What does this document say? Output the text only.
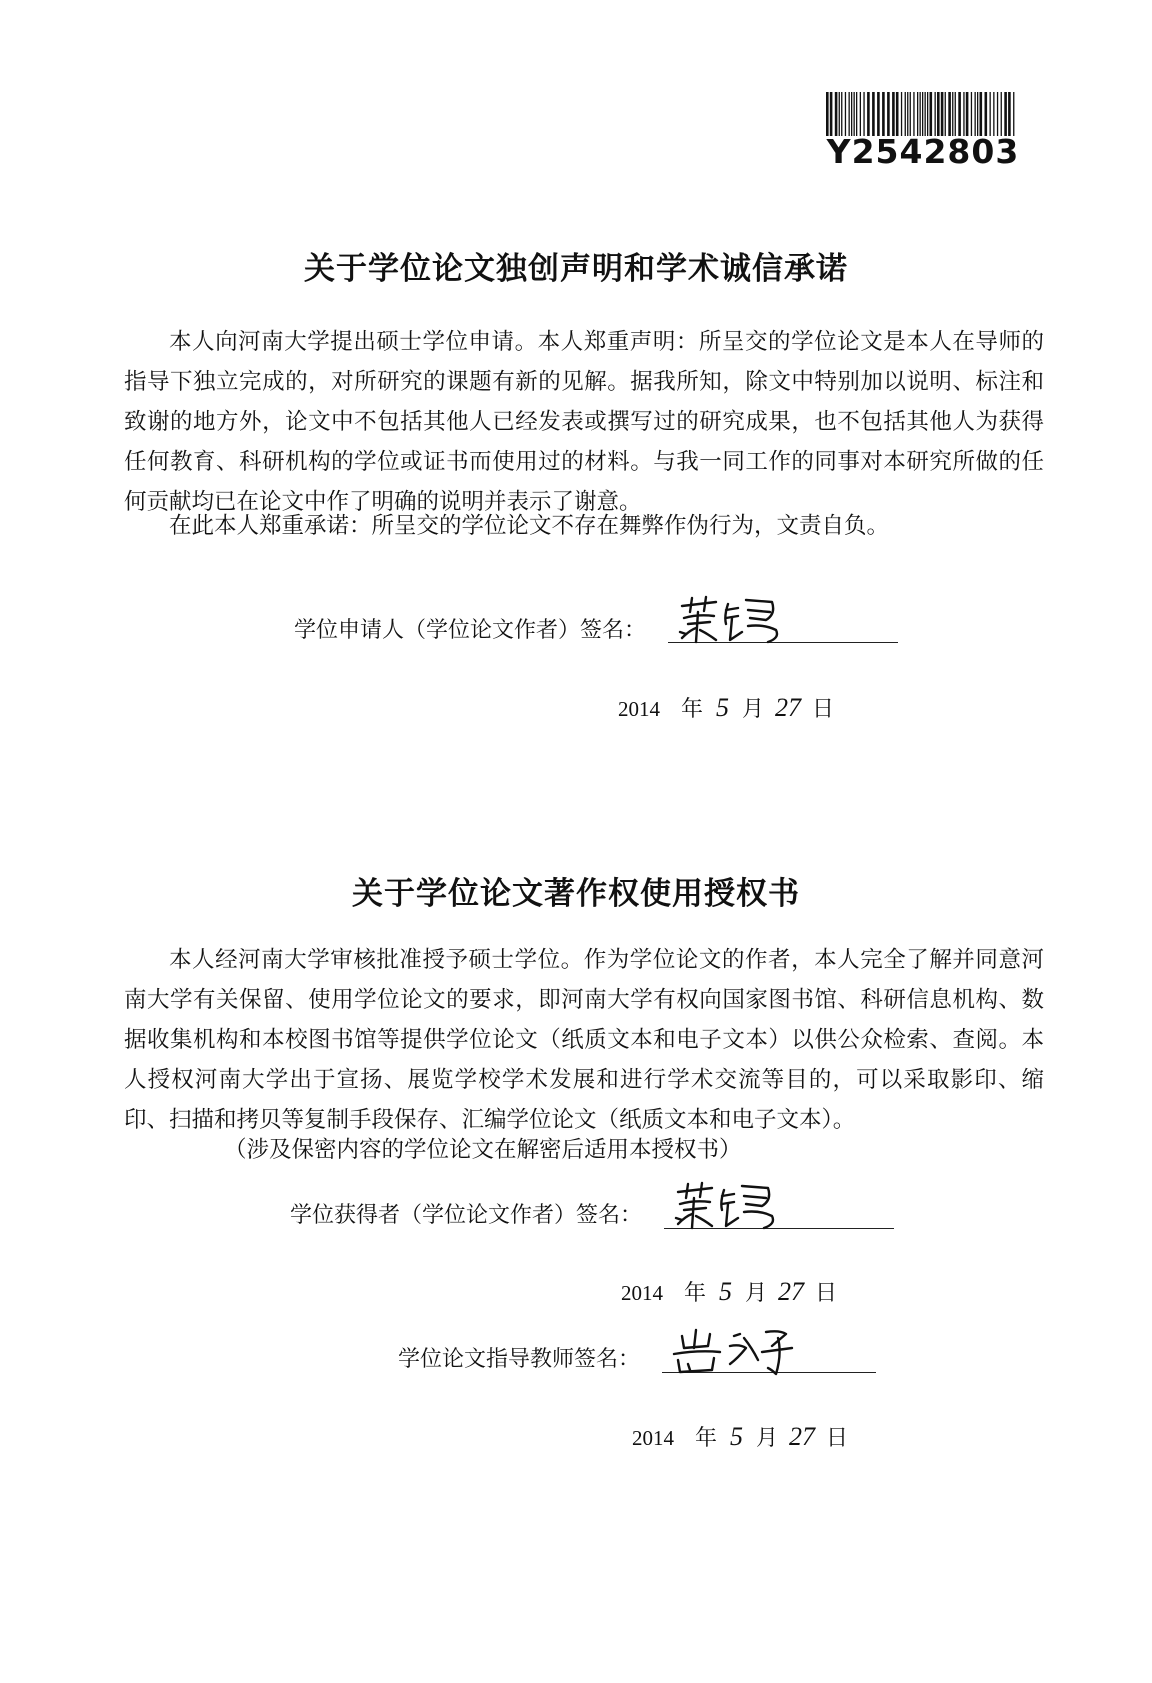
Y2542803
关于学位论文独创声明和学术诚信承诺

本人向河南大学提出硕士学位申请。本人郑重声明：所呈交的学位论文是本人在导师的指导下独立完成的，对所研究的课题有新的见解。据我所知，除文中特别加以说明、标注和致谢的地方外，论文中不包括其他人已经发表或撰写过的研究成果，也不包括其他人为获得任何教育、科研机构的学位或证书而使用过的材料。与我一同工作的同事对本研究所做的任何贡献均已在论文中作了明确的说明并表示了谢意。

在此本人郑重承诺：所呈交的学位论文不存在舞弊作伪行为，文责自负。

学位申请人（学位论文作者）签名：
2014 年 5 月 27 日
关于学位论文著作权使用授权书

本人经河南大学审核批准授予硕士学位。作为学位论文的作者，本人完全了解并同意河南大学有关保留、使用学位论文的要求，即河南大学有权向国家图书馆、科研信息机构、数据收集机构和本校图书馆等提供学位论文（纸质文本和电子文本）以供公众检索、查阅。本人授权河南大学出于宣扬、展览学校学术发展和进行学术交流等目的，可以采取影印、缩印、扫描和拷贝等复制手段保存、汇编学位论文（纸质文本和电子文本）。

（涉及保密内容的学位论文在解密后适用本授权书）
学位获得者（学位论文作者）签名：
2014 年 5 月 27 日
学位论文指导教师签名：
2014 年 5 月 27 日
